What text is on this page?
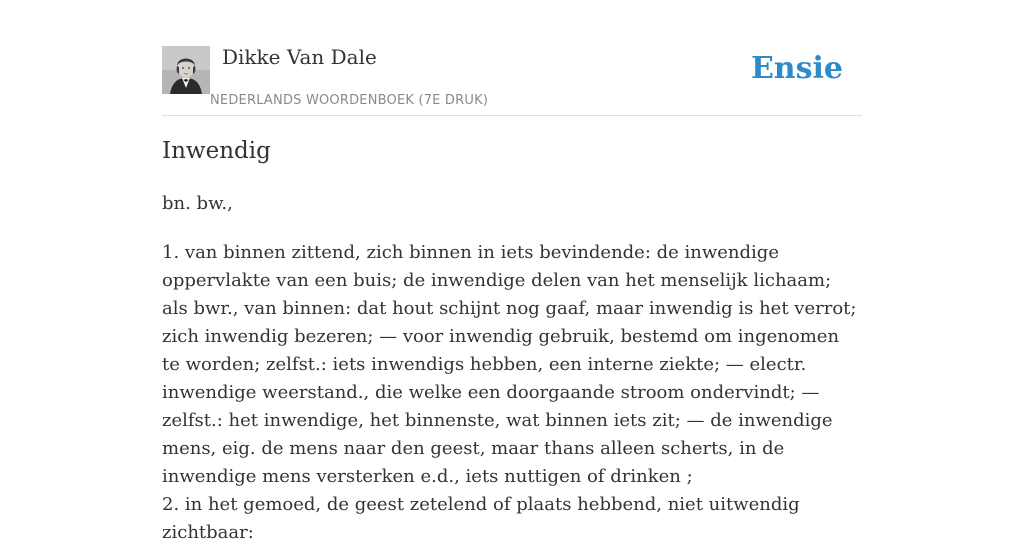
Dikke Van Dale
NEDERLANDS WOORDENBOEK (7E DRUK)
Ensie
Inwendig
bn. bw.,

1. van binnen zittend, zich binnen in iets bevindende: de inwendige oppervlakte van een buis; de inwendige delen van het menselijk lichaam; als bwr., van binnen: dat hout schijnt nog gaaf, maar inwendig is het verrot; zich inwendig bezeren; — voor inwendig gebruik, bestemd om ingenomen te worden; zelfst.: iets inwendigs hebben, een interne ziekte; — electr. inwendige weerstand., die welke een doorgaande stroom ondervindt; — zelfst.: het inwendige, het binnenste, wat binnen iets zit; — de inwendige mens, eig. de mens naar den geest, maar thans alleen scherts, in de inwendige mens versterken e.d., iets nuttigen of drinken ;

2. in het gemoed, de geest zetelend of plaats hebbend, niet uitwendig zichtbaar:
